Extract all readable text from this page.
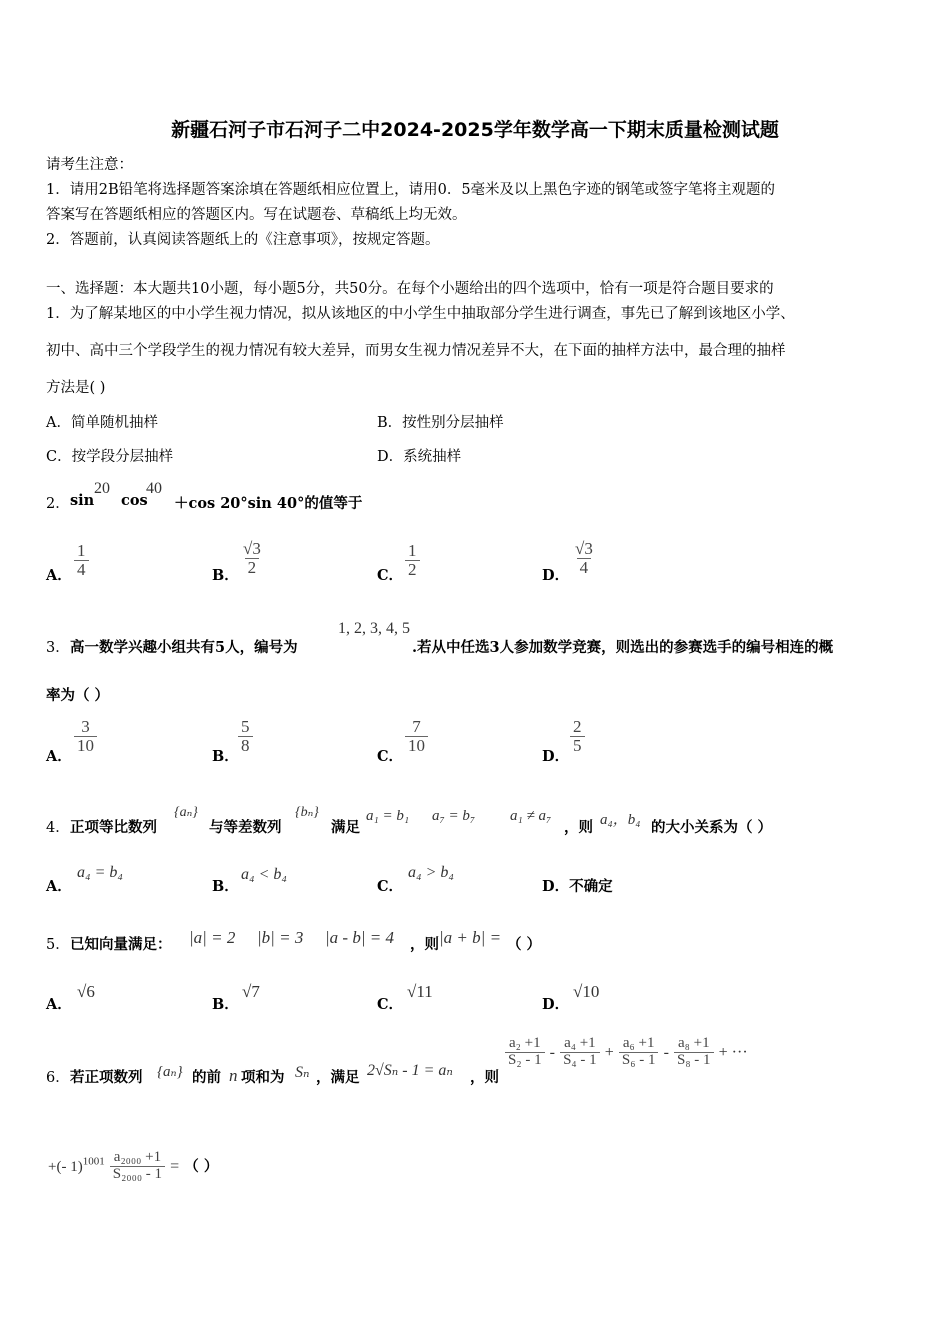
新疆石河子市石河子二中2024-2025学年数学高一下期末质量检测试题
请考生注意：
1．请用2B铅笔将选择题答案涂填在答题纸相应位置上，请用0．5毫米及以上黑色字迹的钢笔或签字笔将主观题的
答案写在答题纸相应的答题区内。写在试题卷、草稿纸上均无效。
2．答题前，认真阅读答题纸上的《注意事项》，按规定答题。
一、选择题：本大题共10小题，每小题5分，共50分。在每个小题给出的四个选项中，恰有一项是符合题目要求的
1．为了解某地区的中小学生视力情况，拟从该地区的中小学生中抽取部分学生进行调查，事先已了解到该地区小学、
初中、高中三个学段学生的视力情况有较大差异，而男女生视力情况差异不大，在下面的抽样方法中，最合理的抽样
方法是( )
A．简单随机抽样	B．按性别分层抽样
C．按学段分层抽样	D．系统抽样
2． sin
20
cos
40
＋cos 20°sin 40°的值等于
A． $\frac{1}{4}$	B． $\frac{√3}{2}$	C． $\frac{1}{2}$	D． $\frac{√3}{4}$
3． 高一数学兴趣小组共有5人，编号为
1, 2, 3, 4, 5
.若从中任选3人参加数学竞赛，则选出的参赛选手的编号相连的概
率为（ ）
A．
$\frac{3}{10}$
B．
$\frac{5}{8}$
C．
$\frac{7}{10}$
D．
$\frac{2}{5}$
4． 正项等比数列
{aₙ}
与等差数列
{bₙ}
满足
a₁ = b₁ a₇ = b₇ a₁ ≠ a₇
，则 a₄，b₄ 的大小关系为（ ）
A．
a₄ = b₄
B．
a₄ < b₄
C．
a₄ > b₄
D．不确定
5． 已知向量满足： |a| = 2 |b| = 3 |a - b| = 4 ，则 |a + b| = （ ）
A．
√6
B．
√7
C．
√11
D．
√10
6． 若正项数列 {aₙ} 的前 n 项和为 Sₙ ，满足 2√Sₙ - 1 = aₙ ，则
$\frac{\text{a₂ +1}}{\text{S₂ - 1}} - \frac{\text{a₄ +1}}{\text{S₄ - 1}} + \frac{\text{a₆ +1}}{\text{S₆ - 1}} - \frac{\text{a₈ +1}}{\text{S₈ - 1}}$ + ···
+(- $1)^{1001} \frac{\text{a₂₀₀₀ +1}}{\text{S₂₀₀₀ - 1}}$ = （ ）
